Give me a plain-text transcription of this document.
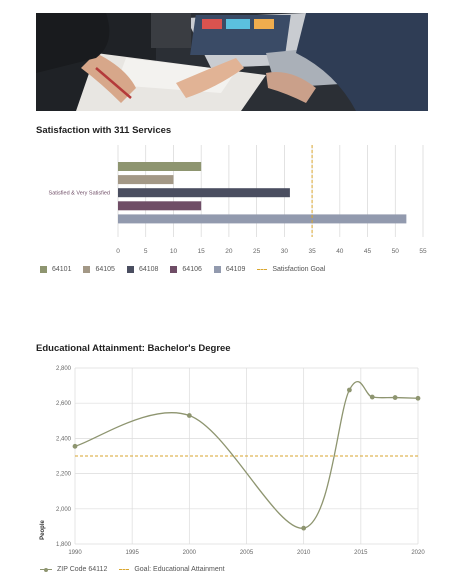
Satisfaction with 311 Services
0	5	10	15	20	25	30	35	40	45	50	55
Satisfied & Very Satisfied
64101	64105	64108	64106	64109	Satisfaction Goal
Educational Attainment: Bachelor's Degree
1,800
2,000
2,200
2,400
2,600
2,800
1990	1995	2000	2005	2010	2015	2020
People
ZIP Code 64112	Goal: Educational Attainment
